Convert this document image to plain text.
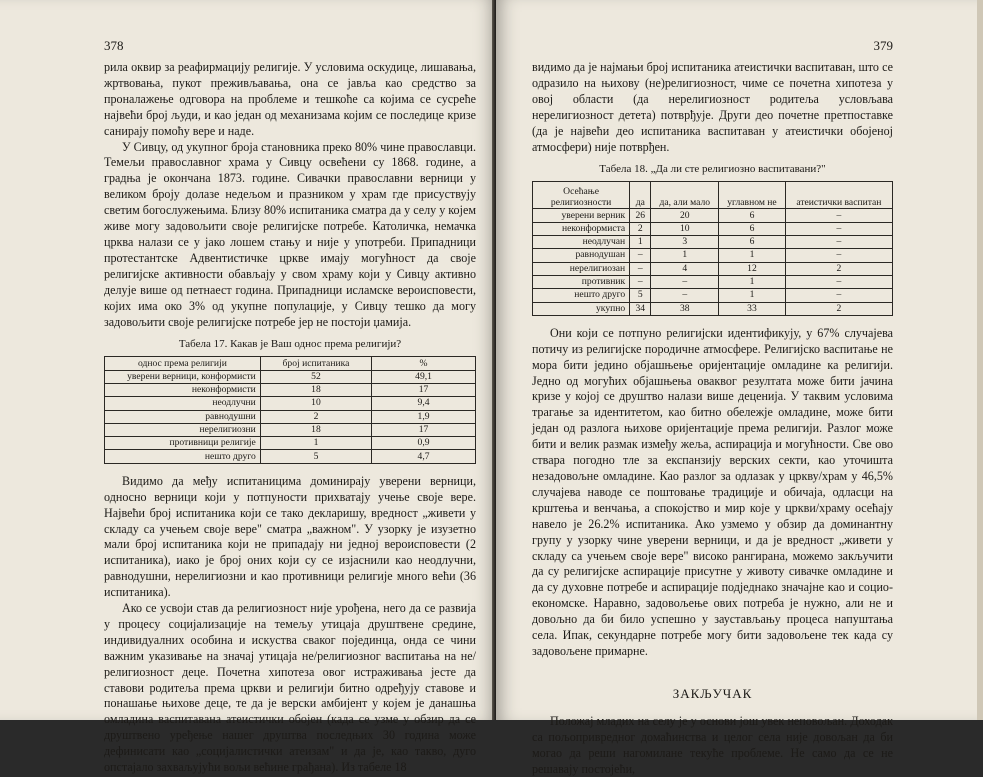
378

рила оквир за реафирмацију религије. У условима оскудице, лишавања, жртвовања, пукот преживљавања, она се јавља као средство за проналажење одговора на проблеме и тешкоће са којима се сусреће највећи број људи, и као један од механизама којим се последице кризе санирају помоћу вере и наде.

У Сивцу, од укупног броја становника преко 80% чине православци. Темељи православног храма у Сивцу освећени су 1868. године, а градња је окончана 1873. године. Сивачки православни верници у великом броју долазе недељом и празником у храм где присуствују светим богослужењима. Близу 80% испитаника сматра да у селу у којем живе могу задовољити своје религијске потребе. Католичка, немачка црква налази се у јако лошем стању и није у употреби. Припадници протестантске Адвентистичке цркве имају могућност да своје религијске активности обављају у свом храму који у Сивцу активно делује више од петнаест година. Припадници исламске вероисповести, којих има око 3% од укупне популације, у Сивцу тешко да могу задовољити своје религијске потребе јер не постоји џамија.

Табела 17. Какав је Ваш однос према религији?
однос према религији	број испитаника	%
уверени верници, конформисти	52	49,1
неконформисти	18	17
неодлучни	10	9,4
равнодушни	2	1,9
нерелигиозни	18	17
противници религије	1	0,9
нешто друго	5	4,7

Видимо да међу испитаницима доминирају уверени верници, односно верници који у потпуности прихватају учење своје вере. Највећи број испитаника који се тако декларишу, вредност „живети у складу са учењем своје вере" сматра „важном". У узорку је изузетно мали број испитаника који не припадају ни једној вероисповести (2 испитаника), иако је број оних који су се изјаснили као неодлучни, равнодушни, нерелигиозни и као противници религије много већи (36 испитаника).

Ако се усвоји став да религиозност није урођена, него да се развија у процесу социјализације на темељу утицаја друштвене средине, индивидуалних особина и искуства сваког појединца, онда се чини важним указивање на значај утицаја не/религиозног васпитања на не/религиозност деце. Почетна хипотеза овог истраживања јесте да ставови родитеља према цркви и религији битно одређују ставове и понашање њихове деце, те да је верски амбијент у којем је данашња омладина васпитавана атеистички обојен (када се узме у обзир да се друштвено уређење нашег друштва последњих 30 година може дефинисати као „социјалистички атеизам" и да је, као такво, дуго опстајало захваљујући вољи већине грађана). Из табеле 18

379

видимо да је најмањи број испитаника атеистички васпитаван, што се одразило на њихову (не)религиозност, чиме се почетна хипотеза у овој области (да нерелигиозност родитеља условљава нерелигиозност детета) потврђује. Други део почетне претпоставке (да је највећи део испитаника васпитаван у атеистички обојеној атмосфери) није потврђен.

Табела 18. „Да ли сте религиозно васпитавани?"
Осећање религиозности	да	да, али мало	углавном не	атеистички васпитан
уверени верник	26	20	6	–
неконформиста	2	10	6	–
неодлучан	1	3	6	–
равнодушан	–	1	1	–
нерелигиозан	–	4	12	2
противник	–	–	1	–
нешто друго	5	–	1	–
укупно	34	38	33	2

Они који се потпуно религијски идентификују, у 67% случајева потичу из религијске породичне атмосфере. Религијско васпитање не мора бити једино објашњење оријентације омладине ка религији. Једно од могућих објашњења оваквог резултата може бити јачина кризе у којој се друштво налази више деценија. У таквим условима трагање за идентитетом, као битно обележје омладине, може бити један од разлога њихове оријентације према религији. Разлог може бити и велик размак између жеља, аспирација и могућности. Све ово ствара погодно тле за експанзију верских секти, као уточишта незадовољне омладине. Као разлог за одлазак у цркву/храм у 46,5% случајева наводе се поштовање традиције и обичаја, одласци на крштења и венчања, а спокојство и мир које у цркви/храму осећају навело је 26.2% испитаника. Ако узмемо у обзир да доминантну групу у узорку чине уверени верници, и да је вредност „живети у складу са учењем своје вере" високо рангирана, можемо закључити да су религијске аспирације присутне у животу сивачке омладине и да су духовне потребе и аспирације подједнако значајне као и социо-економске. Наравно, задовољење ових потреба је нужно, али не и довољно да би било успешно у заустављању процеса напуштања села. Ипак, секундарне потребе могу бити задовољене тек када су задовољене примарне.

ЗАКЉУЧАК

Положај младих на селу је у основи још увек неповољан. Доходак са пољопривредног домаћинства и целог села није довољан да би могао да реши нагомилане текуће проблеме. Не само да се не решавају постојећи,
